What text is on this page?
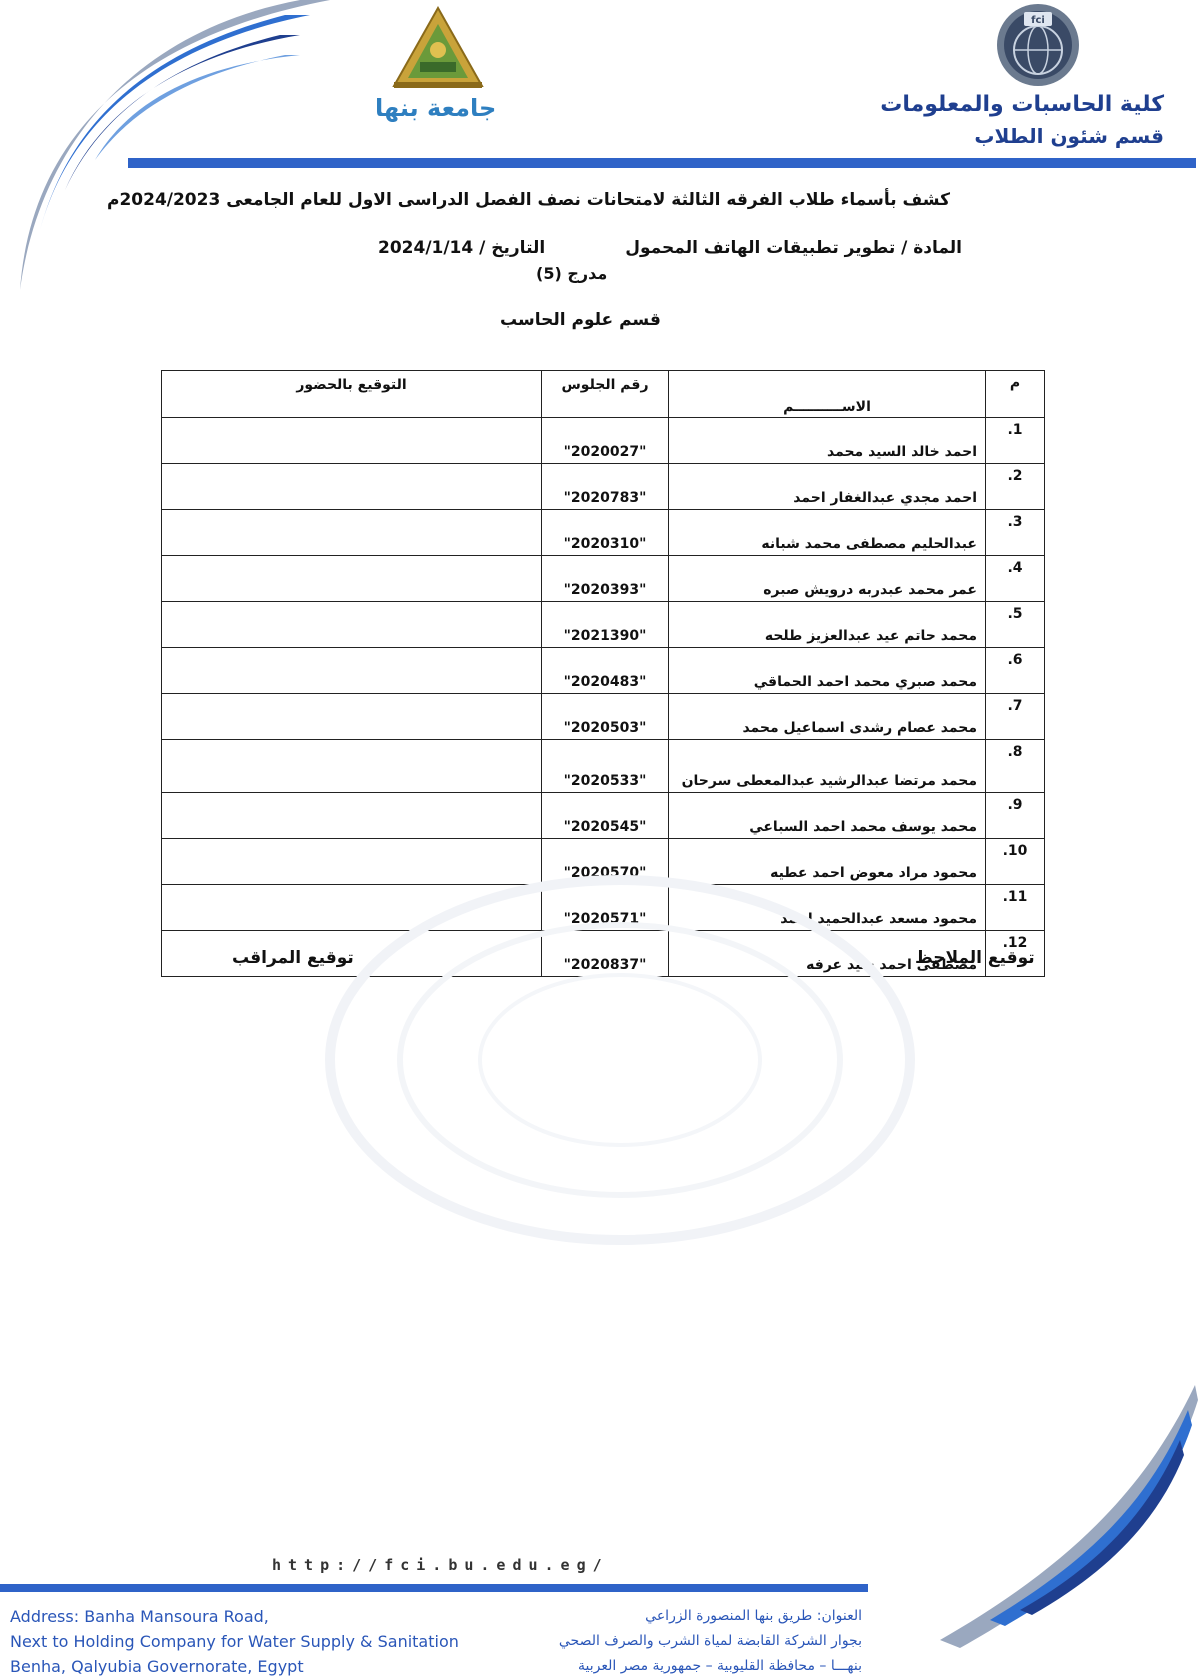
fci
كلية الحاسبات والمعلومات
قسم شئون الطلاب
جامعة بنها
كشف بأسماء طلاب الفرقه الثالثة لامتحانات نصف الفصل الدراسى الاول للعام الجامعى 2024/2023م
المادة / تطوير تطبيقات الهاتف المحمول
التاريخ / 2024/1/14
مدرج (5)
قسم علوم الحاسب
م	الاســــــــــم	رقم الجلوس	التوقيع بالحضور
1.	احمد خالد السيد محمد	"2020027"	
2.	احمد مجدي عبدالغفار احمد	"2020783"	
3.	عبدالحليم مصطفى محمد شبانه	"2020310"	
4.	عمر محمد عبدربه درويش صبره	"2020393"	
5.	محمد حاتم عيد عبدالعزيز طلحه	"2021390"	
6.	محمد صبري محمد احمد الحماقي	"2020483"	
7.	محمد عصام رشدى اسماعيل محمد	"2020503"	
8.	محمد مرتضا عبدالرشيد عبدالمعطى سرحان	"2020533"	
9.	محمد يوسف محمد احمد السباعي	"2020545"	
10.	محمود مراد معوض احمد عطيه	"2020570"	
11.	محمود مسعد عبدالحميد احمد	"2020571"	
12.	مصطفى احمد سيد عرفه	"2020837"		توقيع الملاحظ
توقيع المراقب
http://fci.bu.edu.eg/
Address: Banha Mansoura Road,
Next to Holding Company for Water Supply & Sanitation
Benha, Qalyubia Governorate, Egypt
العنوان: طريق بنها المنصورة الزراعي
بجوار الشركة القابضة لمياة الشرب والصرف الصحي
بنهـــا – محافظة القليوبية – جمهورية مصر العربية
